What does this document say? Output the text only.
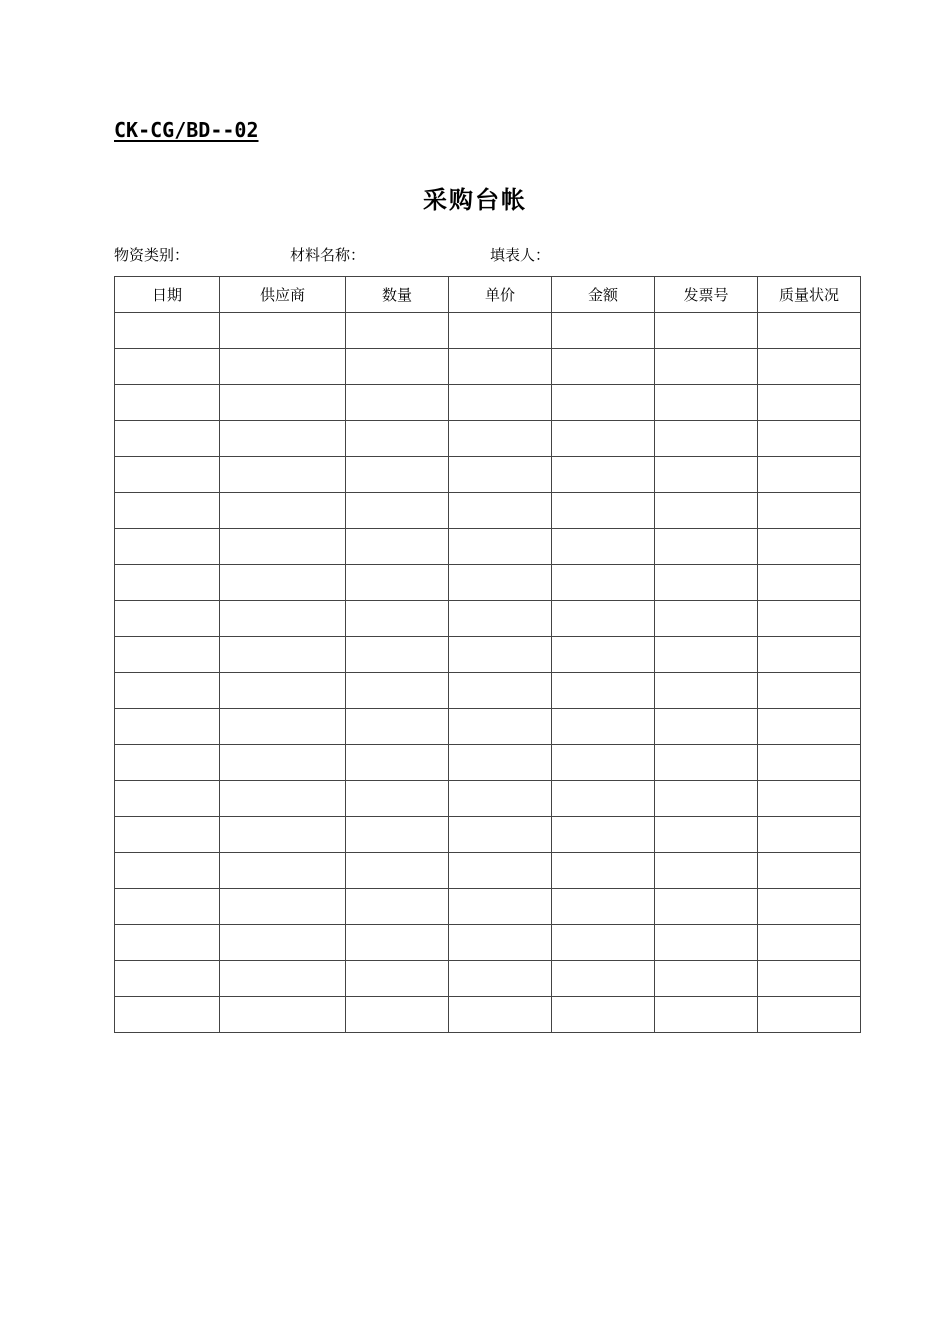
CK-CG/BD--02
采购台帐
物资类别：	材料名称：	填表人：
日期	供应商	数量	单价	金额	发票号	质量状况
